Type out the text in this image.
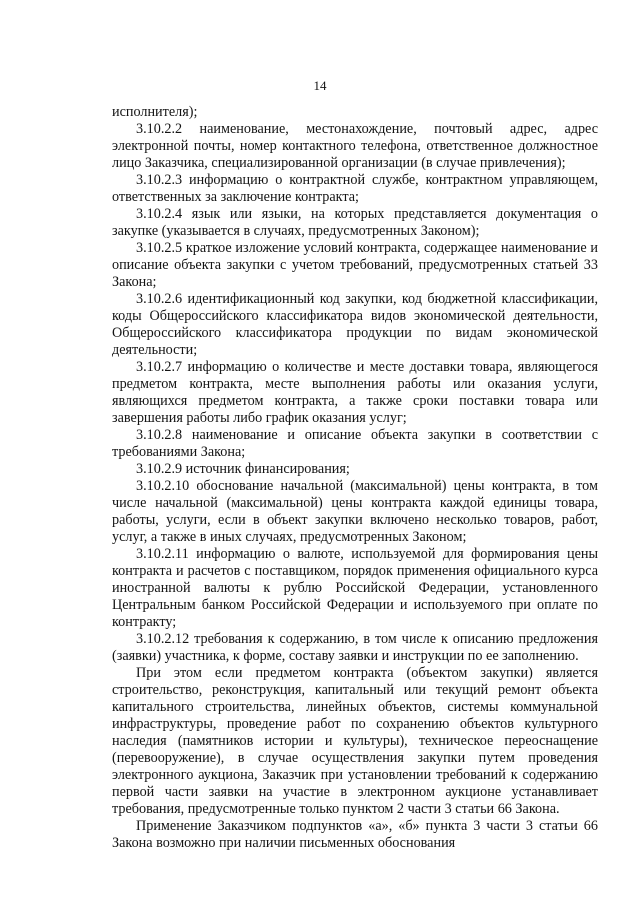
14

исполнителя);

3.10.2.2 наименование, местонахождение, почтовый адрес, адрес электронной почты, номер контактного телефона, ответственное должностное лицо Заказчика, специализированной организации (в случае привлечения);

3.10.2.3 информацию о контрактной службе, контрактном управляющем, ответственных за заключение контракта;

3.10.2.4 язык или языки, на которых представляется документация о закупке (указывается в случаях, предусмотренных Законом);

3.10.2.5 краткое изложение условий контракта, содержащее наименование и описание объекта закупки с учетом требований, предусмотренных статьей 33 Закона;

3.10.2.6 идентификационный код закупки, код бюджетной классификации, коды Общероссийского классификатора видов экономической деятельности, Общероссийского классификатора продукции по видам экономической деятельности;

3.10.2.7 информацию о количестве и месте доставки товара, являющегося предметом контракта, месте выполнения работы или оказания услуги, являющихся предметом контракта, а также сроки поставки товара или завершения работы либо график оказания услуг;

3.10.2.8 наименование и описание объекта закупки в соответствии с требованиями Закона;

3.10.2.9 источник финансирования;

3.10.2.10 обоснование начальной (максимальной) цены контракта, в том числе начальной (максимальной) цены контракта каждой единицы товара, работы, услуги, если в объект закупки включено несколько товаров, работ, услуг, а также в иных случаях, предусмотренных Законом;

3.10.2.11 информацию о валюте, используемой для формирования цены контракта и расчетов с поставщиком, порядок применения официального курса иностранной валюты к рублю Российской Федерации, установленного Центральным банком Российской Федерации и используемого при оплате по контракту;

3.10.2.12 требования к содержанию, в том числе к описанию предложения (заявки) участника, к форме, составу заявки и инструкции по ее заполнению.

При этом если предметом контракта (объектом закупки) является строительство, реконструкция, капитальный или текущий ремонт объекта капитального строительства, линейных объектов, системы коммунальной инфраструктуры, проведение работ по сохранению объектов культурного наследия (памятников истории и культуры), техническое переоснащение (перевооружение), в случае осуществления закупки путем проведения электронного аукциона, Заказчик при установлении требований к содержанию первой части заявки на участие в электронном аукционе устанавливает требования, предусмотренные только пунктом 2 части 3 статьи 66 Закона.

Применение Заказчиком подпунктов «а», «б» пункта 3 части 3 статьи 66 Закона возможно при наличии письменных обоснования
